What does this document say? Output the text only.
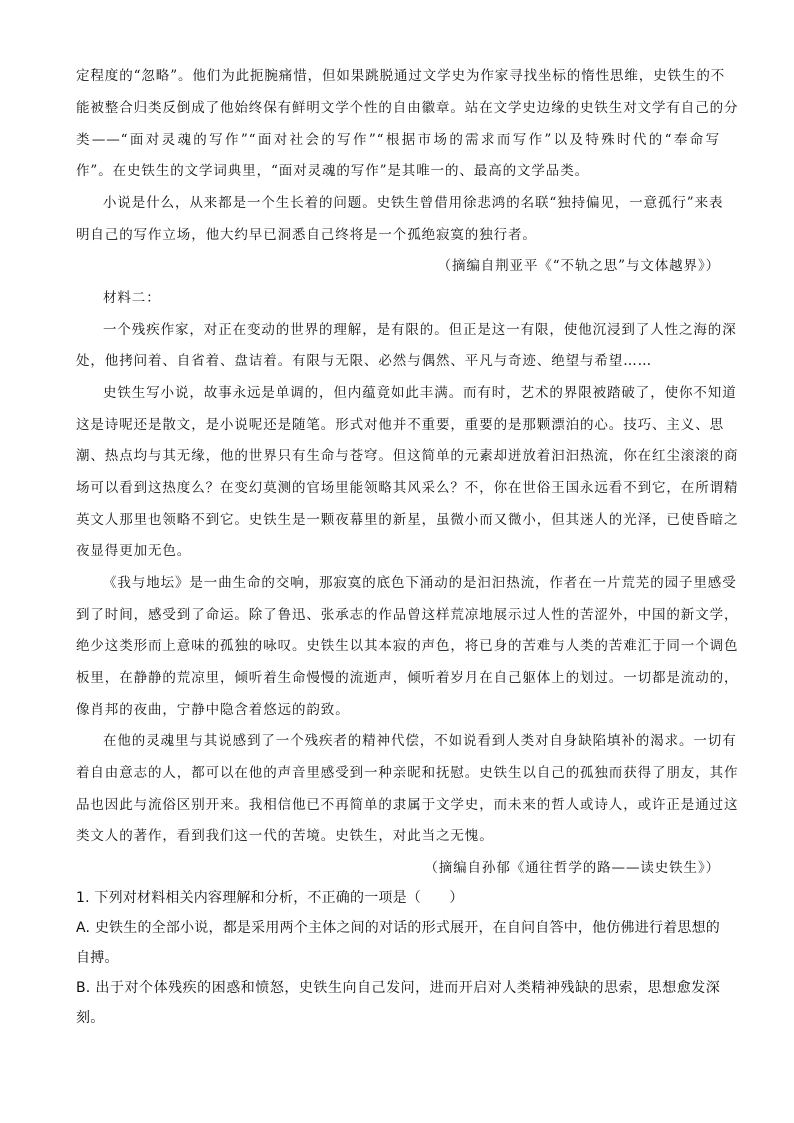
定程度的“忽略”。他们为此扼腕痛惜，但如果跳脱通过文学史为作家寻找坐标的惰性思维，史铁生的不
能被整合归类反倒成了他始终保有鲜明文学个性的自由徽章。站在文学史边缘的史铁生对文学有自己的分
类——“面对灵魂的写作”“面对社会的写作”“根据市场的需求而写作”以及特殊时代的“奉命写
作”。在史铁生的文学词典里，“面对灵魂的写作”是其唯一的、最高的文学品类。
小说是什么，从来都是一个生长着的问题。史铁生曾借用徐悲鸿的名联“独持偏见，一意孤行”来表
明自己的写作立场，他大约早已洞悉自己终将是一个孤绝寂寞的独行者。
（摘编自荆亚平《“不轨之思”与文体越界》）
材料二：
一个残疾作家，对正在变动的世界的理解，是有限的。但正是这一有限，使他沉浸到了人性之海的深
处，他拷问着、自省着、盘诘着。有限与无限、必然与偶然、平凡与奇迹、绝望与希望……
史铁生写小说，故事永远是单调的，但内蕴竟如此丰满。而有时，艺术的界限被踏破了，使你不知道
这是诗呢还是散文，是小说呢还是随笔。形式对他并不重要，重要的是那颗漂泊的心。技巧、主义、思
潮、热点均与其无缘，他的世界只有生命与苍穹。但这简单的元素却迸放着汩汩热流，你在红尘滚滚的商
场可以看到这热度么？在变幻莫测的官场里能领略其风采么？不，你在世俗王国永远看不到它，在所谓精
英文人那里也领略不到它。史铁生是一颗夜幕里的新星，虽微小而又微小，但其迷人的光泽，已使昏暗之
夜显得更加无色。
《我与地坛》是一曲生命的交响，那寂寞的底色下涌动的是汩汩热流，作者在一片荒芜的园子里感受
到了时间，感受到了命运。除了鲁迅、张承志的作品曾这样荒凉地展示过人性的苦涩外，中国的新文学，
绝少这类形而上意味的孤独的咏叹。史铁生以其本寂的声色，将已身的苦难与人类的苦难汇于同一个调色
板里，在静静的荒凉里，倾听着生命慢慢的流逝声，倾听着岁月在自己躯体上的划过。一切都是流动的，
像肖邦的夜曲，宁静中隐含着悠远的韵致。
在他的灵魂里与其说感到了一个残疾者的精神代偿，不如说看到人类对自身缺陷填补的渴求。一切有
着自由意志的人，都可以在他的声音里感受到一种亲昵和抚慰。史铁生以自己的孤独而获得了朋友，其作
品也因此与流俗区别开来。我相信他已不再简单的隶属于文学史，而未来的哲人或诗人，或许正是通过这
类文人的著作，看到我们这一代的苦境。史铁生，对此当之无愧。
（摘编自孙郁《通往哲学的路——读史铁生》）
1. 下列对材料相关内容理解和分析，不正确的一项是（　　）
A. 史铁生的全部小说，都是采用两个主体之间的对话的形式展开，在自问自答中，他仿佛进行着思想的
自搏。
B. 出于对个体残疾的困惑和愤怒，史铁生向自己发问，进而开启对人类精神残缺的思索，思想愈发深
刻。
